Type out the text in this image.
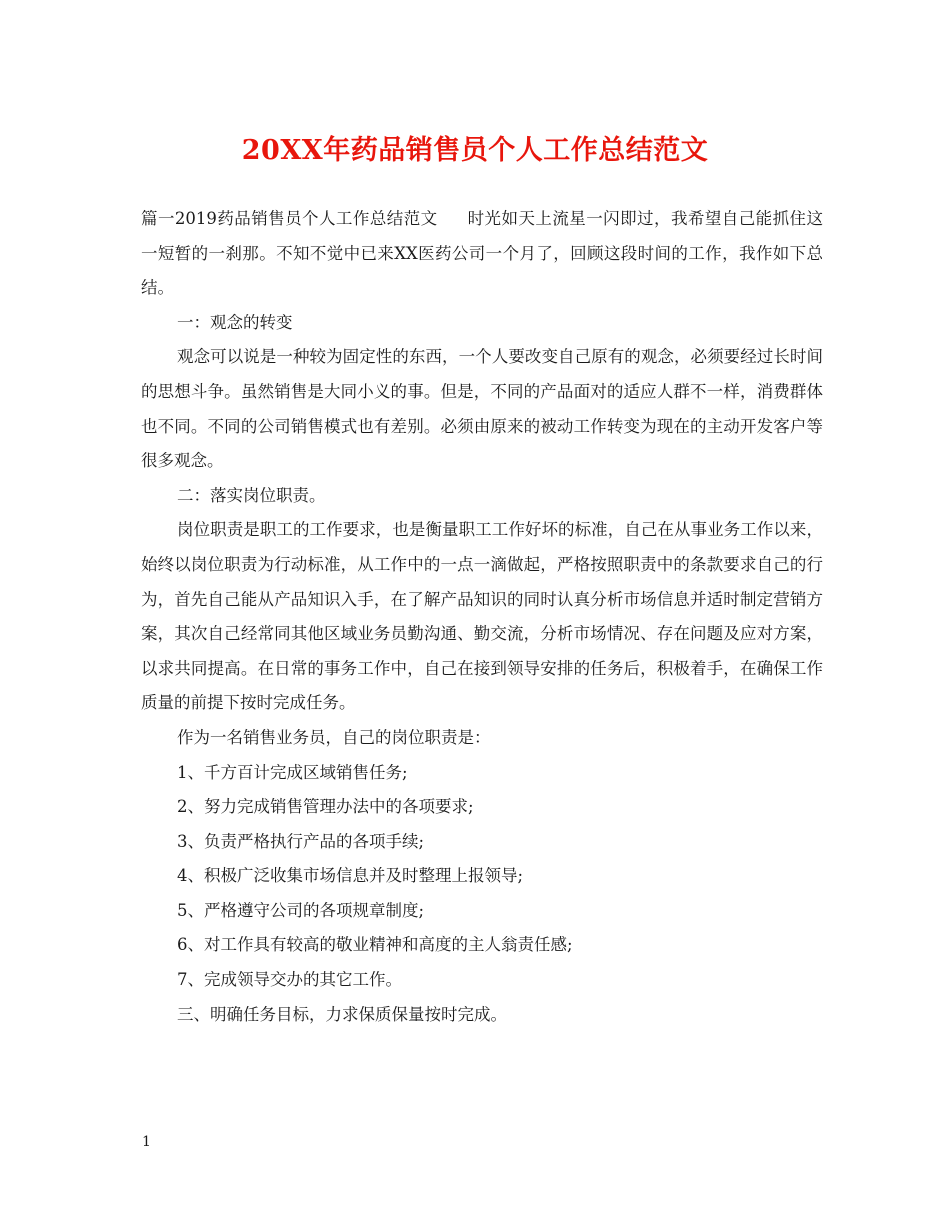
20XX年药品销售员个人工作总结范文

篇一2019药品销售员个人工作总结范文 时光如天上流星一闪即过，我希望自己能抓住这一短暂的一刹那。不知不觉中已来XX医药公司一个月了，回顾这段时间的工作，我作如下总结。

一：观念的转变

观念可以说是一种较为固定性的东西，一个人要改变自己原有的观念，必须要经过长时间的思想斗争。虽然销售是大同小义的事。但是，不同的产品面对的适应人群不一样，消费群体也不同。不同的公司销售模式也有差别。必须由原来的被动工作转变为现在的主动开发客户等很多观念。

二：落实岗位职责。

岗位职责是职工的工作要求，也是衡量职工工作好坏的标准，自己在从事业务工作以来，始终以岗位职责为行动标准，从工作中的一点一滴做起，严格按照职责中的条款要求自己的行为，首先自己能从产品知识入手，在了解产品知识的同时认真分析市场信息并适时制定营销方案，其次自己经常同其他区域业务员勤沟通、勤交流，分析市场情况、存在问题及应对方案，以求共同提高。在日常的事务工作中，自己在接到领导安排的任务后，积极着手，在确保工作质量的前提下按时完成任务。

作为一名销售业务员，自己的岗位职责是：

1、千方百计完成区域销售任务;

2、努力完成销售管理办法中的各项要求;

3、负责严格执行产品的各项手续;

4、积极广泛收集市场信息并及时整理上报领导;

5、严格遵守公司的各项规章制度;

6、对工作具有较高的敬业精神和高度的主人翁责任感;

7、完成领导交办的其它工作。

三、明确任务目标，力求保质保量按时完成。

1
